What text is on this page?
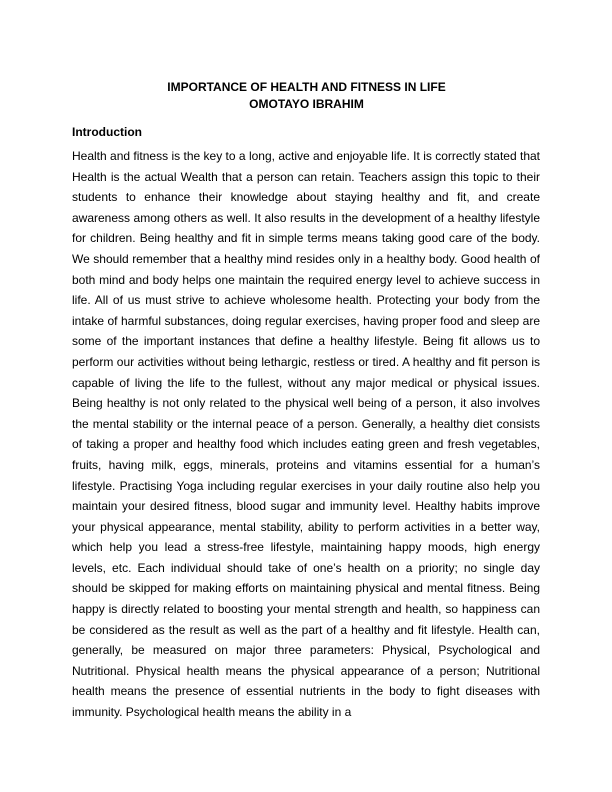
IMPORTANCE OF HEALTH AND FITNESS IN LIFE
OMOTAYO IBRAHIM
Introduction
Health and fitness is the key to a long, active and enjoyable life. It is correctly stated that
Health is the actual Wealth that a person can retain. Teachers assign this topic to their
students to enhance their knowledge about staying healthy and fit, and create
awareness among others as well. It also results in the development of a healthy lifestyle
for children. Being healthy and fit in simple terms means taking good care of the body.
We should remember that a healthy mind resides only in a healthy body. Good health of
both mind and body helps one maintain the required energy level to achieve success in
life. All of us must strive to achieve wholesome health. Protecting your body from the
intake of harmful substances, doing regular exercises, having proper food and sleep are
some of the important instances that define a healthy lifestyle. Being fit allows us to
perform our activities without being lethargic, restless or tired. A healthy and fit person is
capable of living the life to the fullest, without any major medical or physical issues.
Being healthy is not only related to the physical well being of a person, it also involves
the mental stability or the internal peace of a person. Generally, a healthy diet consists
of taking a proper and healthy food which includes eating green and fresh vegetables,
fruits, having milk, eggs, minerals, proteins and vitamins essential for a human’s
lifestyle. Practising Yoga including regular exercises in your daily routine also help you
maintain your desired fitness, blood sugar and immunity level. Healthy habits improve
your physical appearance, mental stability, ability to perform activities in a better way,
which help you lead a stress-free lifestyle, maintaining happy moods, high energy
levels, etc. Each individual should take of one’s health on a priority; no single day
should be skipped for making efforts on maintaining physical and mental fitness. Being
happy is directly related to boosting your mental strength and health, so happiness can
be considered as the result as well as the part of a healthy and fit lifestyle. Health can,
generally, be measured on major three parameters: Physical, Psychological and
Nutritional. Physical health means the physical appearance of a person; Nutritional
health means the presence of essential nutrients in the body to fight diseases with
immunity. Psychological health means the ability in a
